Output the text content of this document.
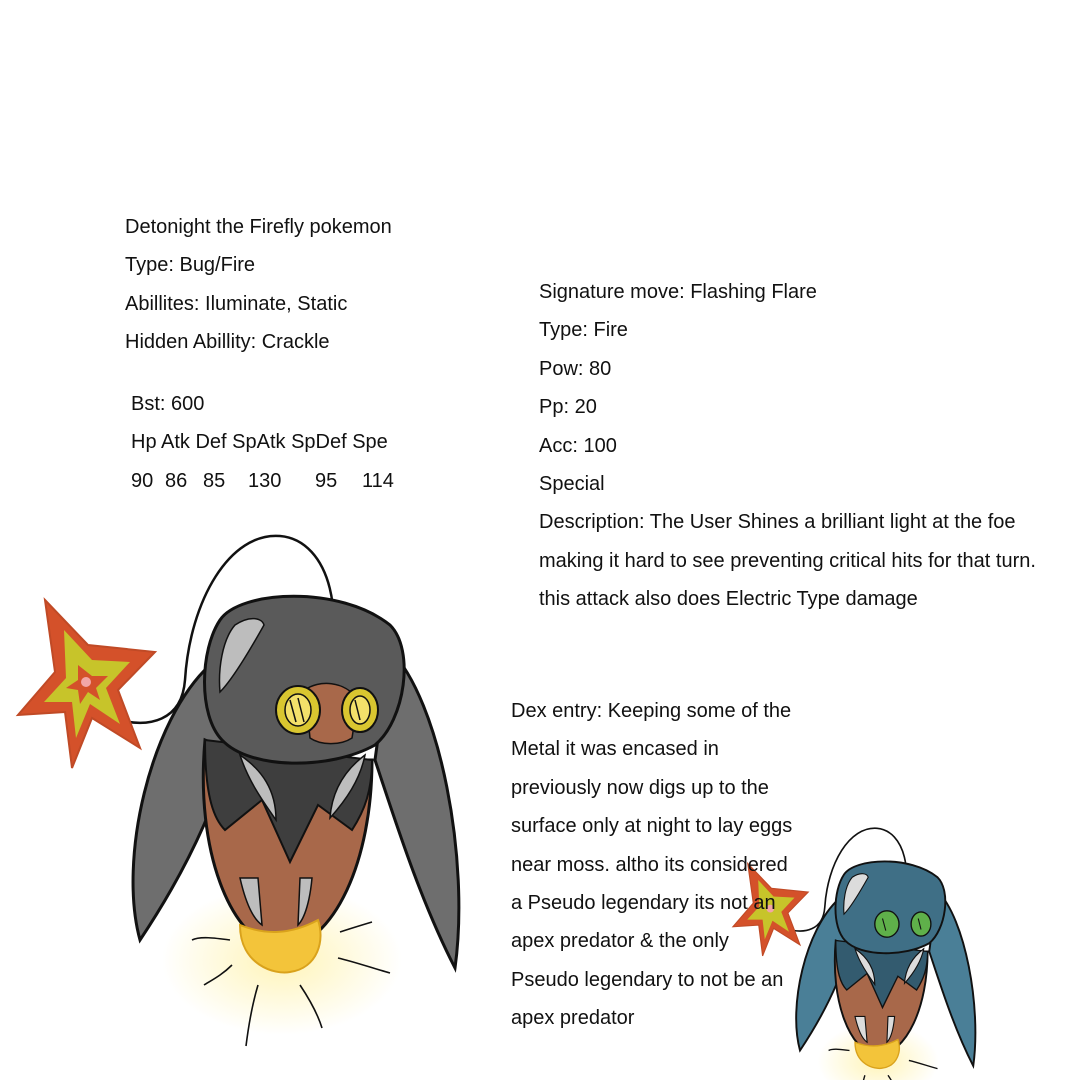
Detonight the Firefly pokemon
Type: Bug/Fire
Abillites: Iluminate, Static
Hidden Abillity: Crackle
Bst: 600
Hp Atk Def SpAtk SpDef Spe
90 86 85 130 95 114
Signature move: Flashing Flare
Type: Fire
Pow: 80
Pp: 20
Acc: 100
Special
Description: The User Shines a brilliant light at the foe making it hard to see preventing critical hits for that turn. this attack also does Electric Type damage
Dex entry: Keeping some of the Metal it was encased in previously now digs up to the surface only at night to lay eggs near moss. altho its considered a Pseudo legendary its not an apex predator & the only Pseudo legendary to not be an apex predator
